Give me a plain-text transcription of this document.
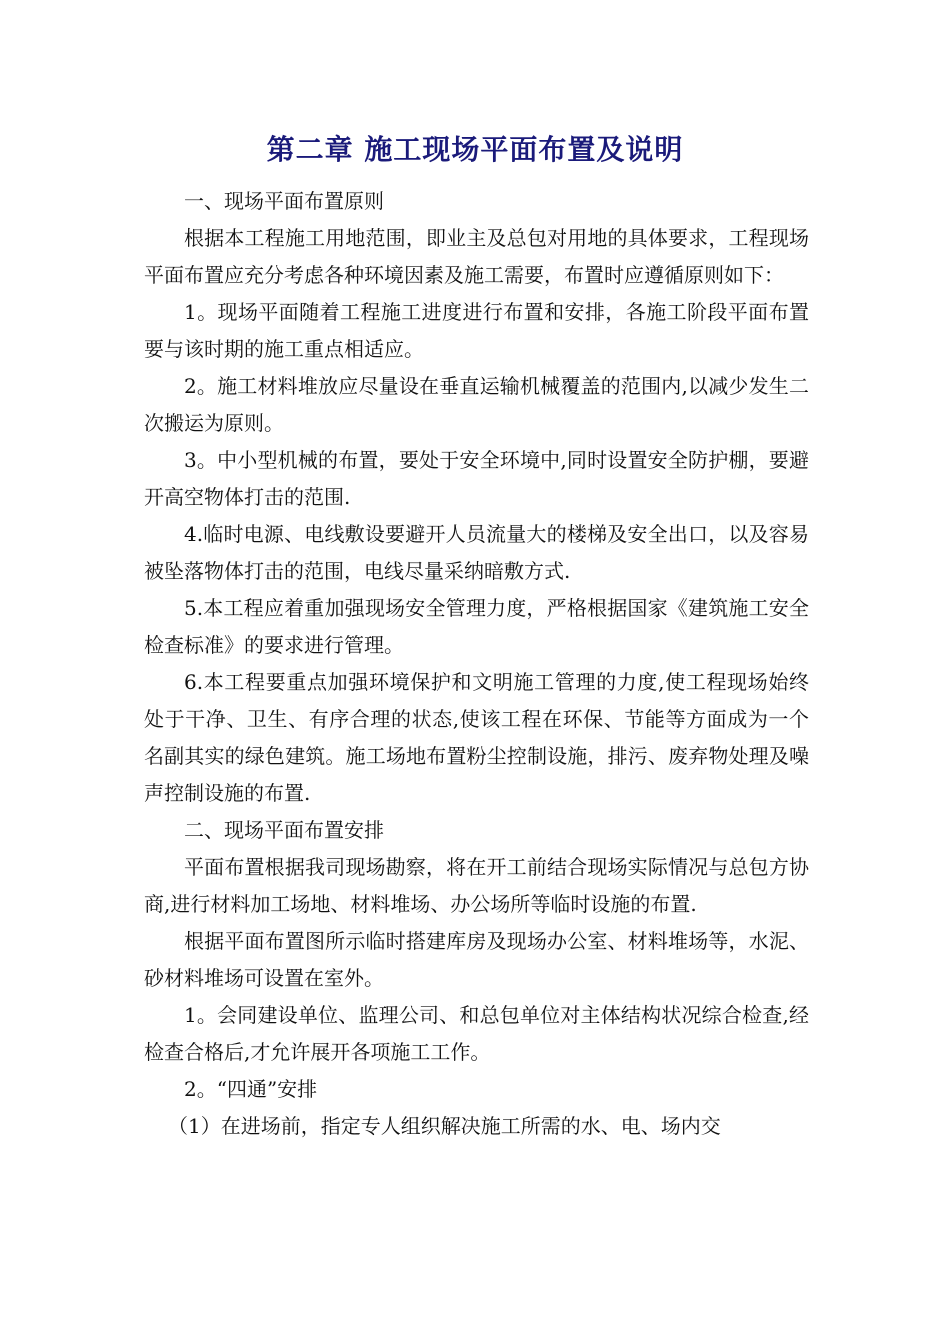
第二章 施工现场平面布置及说明

一、现场平面布置原则

根据本工程施工用地范围，即业主及总包对用地的具体要求，工程现场平面布置应充分考虑各种环境因素及施工需要，布置时应遵循原则如下：

1。现场平面随着工程施工进度进行布置和安排，各施工阶段平面布置要与该时期的施工重点相适应。

2。施工材料堆放应尽量设在垂直运输机械覆盖的范围内,以减少发生二次搬运为原则。

3。中小型机械的布置，要处于安全环境中,同时设置安全防护棚，要避开高空物体打击的范围.

4.临时电源、电线敷设要避开人员流量大的楼梯及安全出口，以及容易被坠落物体打击的范围，电线尽量采纳暗敷方式.

5.本工程应着重加强现场安全管理力度，严格根据国家《建筑施工安全检查标准》的要求进行管理。

6.本工程要重点加强环境保护和文明施工管理的力度,使工程现场始终处于干净、卫生、有序合理的状态,使该工程在环保、节能等方面成为一个名副其实的绿色建筑。施工场地布置粉尘控制设施，排污、废弃物处理及噪声控制设施的布置.

二、现场平面布置安排

平面布置根据我司现场勘察，将在开工前结合现场实际情况与总包方协商,进行材料加工场地、材料堆场、办公场所等临时设施的布置.

根据平面布置图所示临时搭建库房及现场办公室、材料堆场等，水泥、砂材料堆场可设置在室外。

1。会同建设单位、监理公司、和总包单位对主体结构状况综合检查,经检查合格后,才允许展开各项施工工作。

2。“四通”安排

（1）在进场前，指定专人组织解决施工所需的水、电、场内交
